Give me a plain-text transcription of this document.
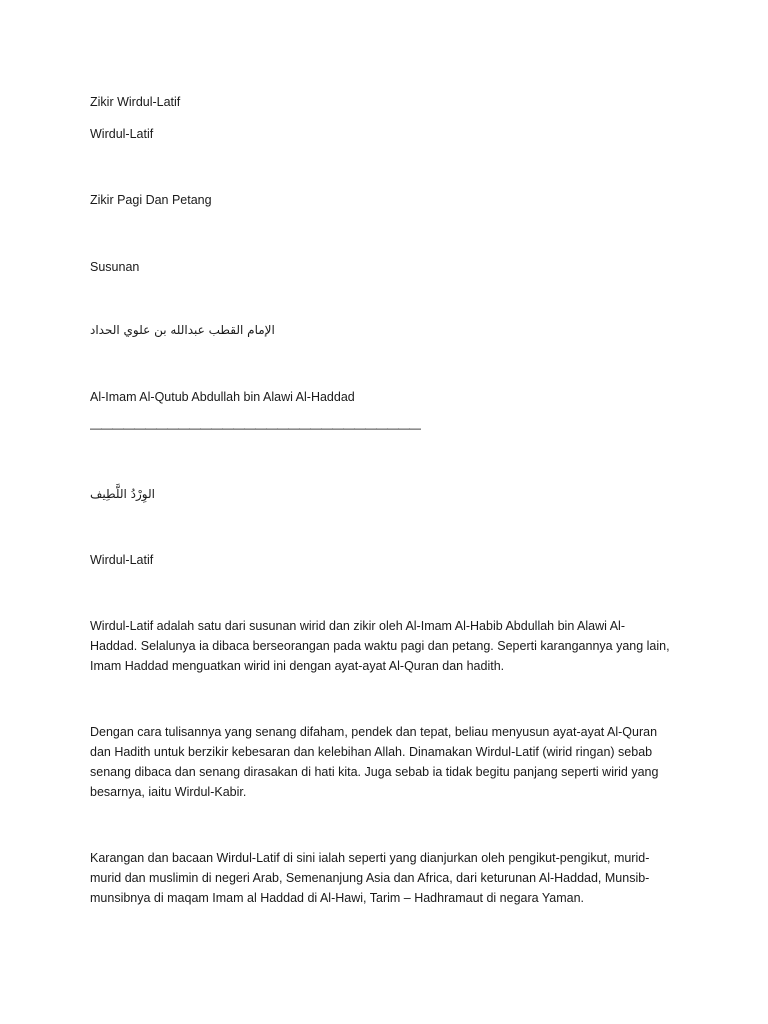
Zikir Wirdul-Latif

Wirdul-Latif

Zikir Pagi Dan Petang

Susunan

الإمام القطب عبدالله بن علوي الحداد

Al-Imam Al-Qutub Abdullah bin Alawi Al-Haddad

——————————————————————————————

الوِرْدُ اللَّطِيف

Wirdul-Latif

Wirdul-Latif adalah satu dari susunan wirid dan zikir oleh Al-Imam Al-Habib Abdullah bin Alawi Al-
Haddad. Selalunya ia dibaca berseorangan pada waktu pagi dan petang. Seperti karangannya yang lain,
Imam Haddad menguatkan wirid ini dengan ayat-ayat Al-Quran dan hadith.
Dengan cara tulisannya yang senang difaham, pendek dan tepat, beliau menyusun ayat-ayat Al-Quran
dan Hadith untuk berzikir kebesaran dan kelebihan Allah. Dinamakan Wirdul-Latif (wirid ringan) sebab
senang dibaca dan senang dirasakan di hati kita. Juga sebab ia tidak begitu panjang seperti wirid yang
besarnya, iaitu Wirdul-Kabir.
Karangan dan bacaan Wirdul-Latif di sini ialah seperti yang dianjurkan oleh pengikut-pengikut, murid-
murid dan muslimin di negeri Arab, Semenanjung Asia dan Africa, dari keturunan Al-Haddad, Munsib-
munsibnya di maqam Imam al Haddad di Al-Hawi, Tarim – Hadhramaut di negara Yaman.
